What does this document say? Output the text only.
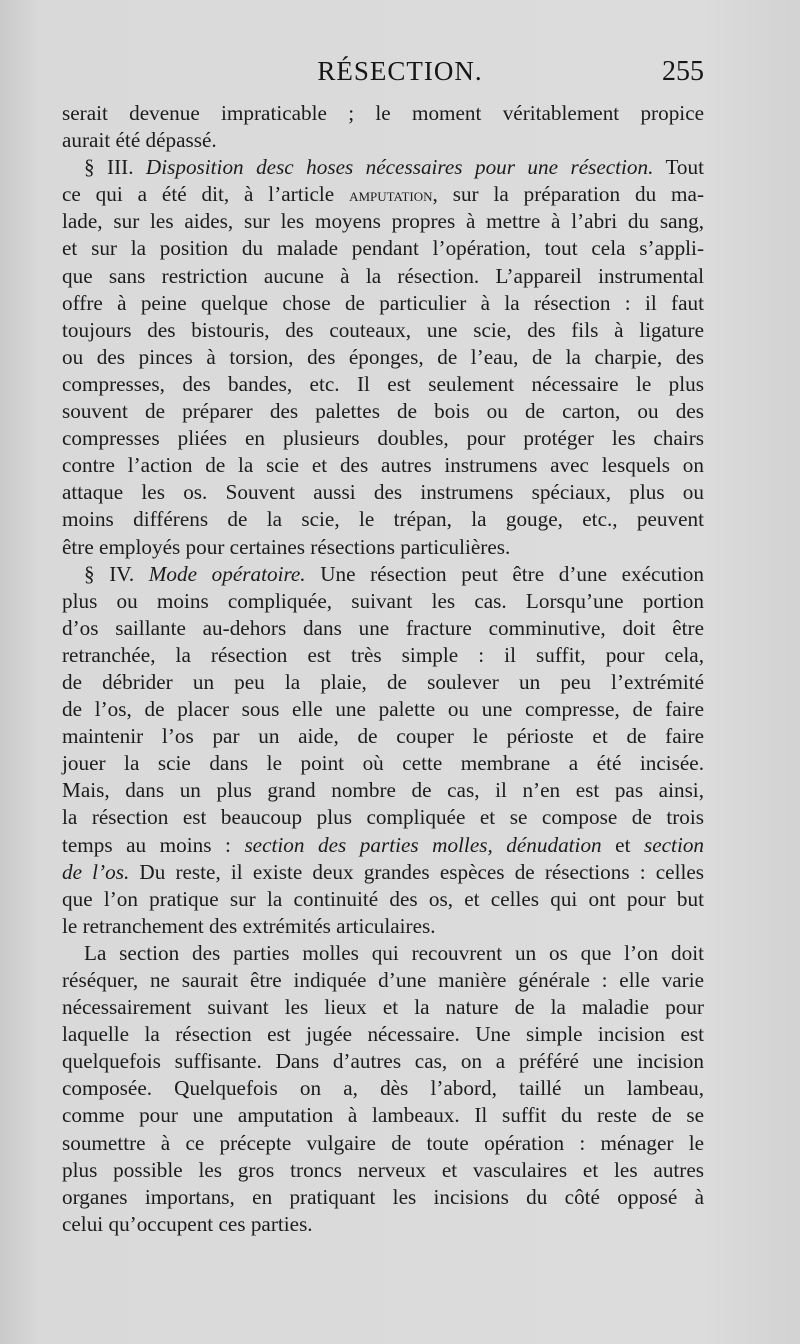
RÉSECTION.	255
serait devenue impraticable ; le moment véritablement propice
aurait été dépassé.
§ III. Disposition desc hoses nécessaires pour une résection. Tout
ce qui a été dit, à l’article amputation, sur la préparation du ma-
lade, sur les aides, sur les moyens propres à mettre à l’abri du sang,
et sur la position du malade pendant l’opération, tout cela s’appli-
que sans restriction aucune à la résection. L’appareil instrumental
offre à peine quelque chose de particulier à la résection : il faut
toujours des bistouris, des couteaux, une scie, des fils à ligature
ou des pinces à torsion, des éponges, de l’eau, de la charpie, des
compresses, des bandes, etc. Il est seulement nécessaire le plus
souvent de préparer des palettes de bois ou de carton, ou des
compresses pliées en plusieurs doubles, pour protéger les chairs
contre l’action de la scie et des autres instrumens avec lesquels on
attaque les os. Souvent aussi des instrumens spéciaux, plus ou
moins différens de la scie, le trépan, la gouge, etc., peuvent
être employés pour certaines résections particulières.
§ IV. Mode opératoire. Une résection peut être d’une exécution
plus ou moins compliquée, suivant les cas. Lorsqu’une portion
d’os saillante au-dehors dans une fracture comminutive, doit être
retranchée, la résection est très simple : il suffit, pour cela,
de débrider un peu la plaie, de soulever un peu l’extrémité
de l’os, de placer sous elle une palette ou une compresse, de faire
maintenir l’os par un aide, de couper le périoste et de faire
jouer la scie dans le point où cette membrane a été incisée.
Mais, dans un plus grand nombre de cas, il n’en est pas ainsi,
la résection est beaucoup plus compliquée et se compose de trois
temps au moins : section des parties molles, dénudation et section
de l’os. Du reste, il existe deux grandes espèces de résections : celles
que l’on pratique sur la continuité des os, et celles qui ont pour but
le retranchement des extrémités articulaires.
La section des parties molles qui recouvrent un os que l’on doit
réséquer, ne saurait être indiquée d’une manière générale : elle varie
nécessairement suivant les lieux et la nature de la maladie pour
laquelle la résection est jugée nécessaire. Une simple incision est
quelquefois suffisante. Dans d’autres cas, on a préféré une incision
composée. Quelquefois on a, dès l’abord, taillé un lambeau,
comme pour une amputation à lambeaux. Il suffit du reste de se
soumettre à ce précepte vulgaire de toute opération : ménager le
plus possible les gros troncs nerveux et vasculaires et les autres
organes importans, en pratiquant les incisions du côté opposé à
celui qu’occupent ces parties.
